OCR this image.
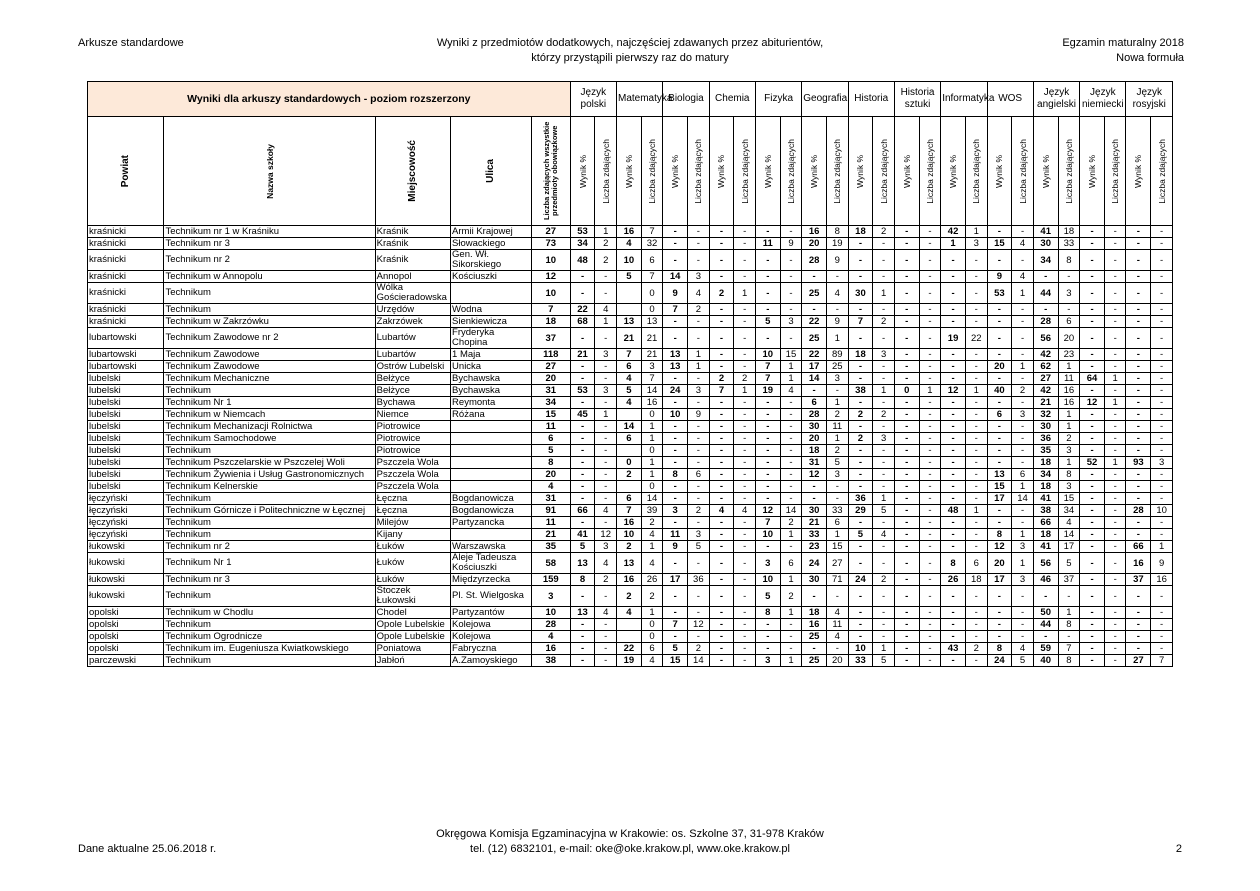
Arkusze standardowe	Wyniki z przedmiotów dodatkowych, najczęściej zdawanych przez abiturientów,
którzy przystąpili pierwszy raz do matury
Egzamin maturalny 2018
Nowa formuła
Wyniki dla arkuszy standardowych - poziom rozszerzony					Język polski		Matematyka		Biologia		Chemia		Fizyka		Geografia		Historia		Historia sztuki		Informatyka		WOS		Język angielski		Język niemiecki		Język rosyjski	

Powiat	Nazwa szkoły	Miejscowość	Ulica	Liczba zdających wszystkie przedmioty obowiązkowe	Wynik %	Liczba zdających	Wynik %	Liczba zdających	Wynik %	Liczba zdających	Wynik %	Liczba zdających	Wynik %	Liczba zdających	Wynik %	Liczba zdających	Wynik %	Liczba zdających	Wynik %	Liczba zdających	Wynik %	Liczba zdających	Wynik %	Liczba zdających	Wynik %	Liczba zdających	Wynik %	Liczba zdających	Wynik %	Liczba zdających

kraśnicki	Technikum nr 1 w Kraśniku	Kraśnik	Armii Krajowej	27	53	1	16	7	-	-	-	-	-	-	16	8	18	2	-	-	42	1	-	-	41	18	-	-	-	-
kraśnicki	Technikum nr 3	Kraśnik	Słowackiego	73	34	2	4	32	-	-	-	-	11	9	20	19	-	-	-	-	1	3	15	4	30	33	-	-	-	-
kraśnicki	Technikum nr 2	Kraśnik	Gen. Wł. Sikorskiego	10	48	2	10	6	-	-	-	-	-	-	28	9	-	-	-	-	-	-	-	-	34	8	-	-	-	-
kraśnicki	Technikum w Annopolu	Annopol	Kościuszki	12	-	-	5	7	14	3	-	-	-	-	-	-	-	-	-	-	-	-	9	4	-	-	-	-	-	-
kraśnicki	Technikum	Wólka Gościeradowska		10	-	-		0	9	4	2	1	-	-	25	4	30	1	-	-	-	-	53	1	44	3	-	-	-	-
kraśnicki	Technikum	Urzędów	Wodna	7	22	4		0	7	2	-	-	-	-	-	-	-	-	-	-	-	-	-	-	-	-	-	-	-	-
kraśnicki	Technikum w Zakrzówku	Zakrzówek	Sienkiewicza	18	68	1	13	13	-	-	-	-	5	3	22	9	7	2	-	-	-	-	-	-	28	6	-	-	-	-
lubartowski	Technikum Zawodowe nr 2	Lubartów	Fryderyka Chopina	37	-	-	21	21	-	-	-	-	-	-	25	1	-	-	-	-	19	22	-	-	56	20	-	-	-	-
lubartowski	Technikum Zawodowe	Lubartów	1 Maja	118	21	3	7	21	13	1	-	-	10	15	22	89	18	3	-	-	-	-	-	-	42	23	-	-	-	-
lubartowski	Technikum Zawodowe	Ostrów Lubelski	Unicka	27	-	-	6	3	13	1	-	-	7	1	17	25	-	-	-	-	-	-	20	1	62	1	-	-	-	-
lubelski	Technikum Mechaniczne	Bełżyce	Bychawska	20	-	-	4	7	-	-	2	2	7	1	14	3	-	-	-	-	-	-	-	-	27	11	64	1	-	-
lubelski	Technikum	Bełżyce	Bychawska	31	53	3	5	14	24	3	7	1	19	4	-	-	38	1	0	1	12	1	40	2	42	16	-	-	-	-
lubelski	Technikum Nr 1	Bychawa	Reymonta	34	-	-	4	16	-	-	-	-	-	-	6	1	-	-	-	-	-	-	-	-	21	16	12	1	-	-
lubelski	Technikum w Niemcach	Niemce	Różana	15	45	1		0	10	9	-	-	-	-	28	2	2	2	-	-	-	-	6	3	32	1	-	-	-	-
lubelski	Technikum Mechanizacji Rolnictwa	Piotrowice		11	-	-	14	1	-	-	-	-	-	-	30	11	-	-	-	-	-	-	-	-	30	1	-	-	-	-
lubelski	Technikum Samochodowe	Piotrowice		6	-	-	6	1	-	-	-	-	-	-	20	1	2	3	-	-	-	-	-	-	36	2	-	-	-	-
lubelski	Technikum	Piotrowice		5	-	-		0	-	-	-	-	-	-	18	2	-	-	-	-	-	-	-	-	35	3	-	-	-	-
lubelski	Technikum Pszczelarskie w Pszczelej Woli	Pszczela Wola		8	-	-	0	1	-	-	-	-	-	-	31	5	-	-	-	-	-	-	-	-	18	1	52	1	93	3
lubelski	Technikum Żywienia i Usług Gastronomicznych	Pszczela Wola		20	-	-	2	1	8	6	-	-	-	-	12	3	-	-	-	-	-	-	13	6	34	8	-	-	-	-
lubelski	Technikum Kelnerskie	Pszczela Wola		4	-	-		0	-	-	-	-	-	-	-	-	-	-	-	-	-	-	15	1	18	3	-	-	-	-
łęczyński	Technikum	Łęczna	Bogdanowicza	31	-	-	6	14	-	-	-	-	-	-	-	-	36	1	-	-	-	-	17	14	41	15	-	-	-	-
łęczyński	Technikum Górnicze i Politechniczne w Łęcznej	Łęczna	Bogdanowicza	91	66	4	7	39	3	2	4	4	12	14	30	33	29	5	-	-	48	1	-	-	38	34	-	-	28	10
łęczyński	Technikum	Milejów	Partyzancka	11	-	-	16	2	-	-	-	-	7	2	21	6	-	-	-	-	-	-	-	-	66	4	-	-	-	-
łęczyński	Technikum	Kijany		21	41	12	10	4	11	3	-	-	10	1	33	1	5	4	-	-	-	-	8	1	18	14	-	-	-	-
łukowski	Technikum nr 2	Łuków	Warszawska	35	5	3	2	1	9	5	-	-	-	-	23	15	-	-	-	-	-	-	12	3	41	17	-	-	66	1
łukowski	Technikum Nr 1	Łuków	Aleje Tadeusza Kościuszki	58	13	4	13	4	-	-	-	-	3	6	24	27	-	-	-	-	8	6	20	1	56	5	-	-	16	9
łukowski	Technikum nr 3	Łuków	Międzyrzecka	159	8	2	16	26	17	36	-	-	10	1	30	71	24	2	-	-	26	18	17	3	46	37	-	-	37	16
łukowski	Technikum	Stoczek Łukowski	Pl. St. Wielgoska	3	-	-	2	2	-	-	-	-	5	2	-	-	-	-	-	-	-	-	-	-	-	-	-	-	-	-
opolski	Technikum w Chodlu	Chodel	Partyzantów	10	13	4	4	1	-	-	-	-	8	1	18	4	-	-	-	-	-	-	-	-	50	1	-	-	-	-
opolski	Technikum	Opole Lubelskie	Kolejowa	28	-	-		0	7	12	-	-	-	-	16	11	-	-	-	-	-	-	-	-	44	8	-	-	-	-
opolski	Technikum Ogrodnicze	Opole Lubelskie	Kolejowa	4	-	-		0	-	-	-	-	-	-	25	4	-	-	-	-	-	-	-	-	-	-	-	-	-	-
opolski	Technikum im. Eugeniusza Kwiatkowskiego	Poniatowa	Fabryczna	16	-	-	22	6	5	2	-	-	-	-	-	-	10	1	-	-	43	2	8	4	59	7	-	-	-	-
parczewski	Technikum	Jabłoń	A.Zamoyskiego	38	-	-	19	4	15	14	-	-	3	1	25	20	33	5	-	-	-	-	24	5	40	8	-	-	27	7
Okręgowa Komisja Egzaminacyjna w Krakowie: os. Szkolne 37, 31-978 Kraków
tel. (12) 6832101, e-mail: oke@oke.krakow.pl, www.oke.krakow.pl
Dane aktualne 25.06.2018 r.	2
